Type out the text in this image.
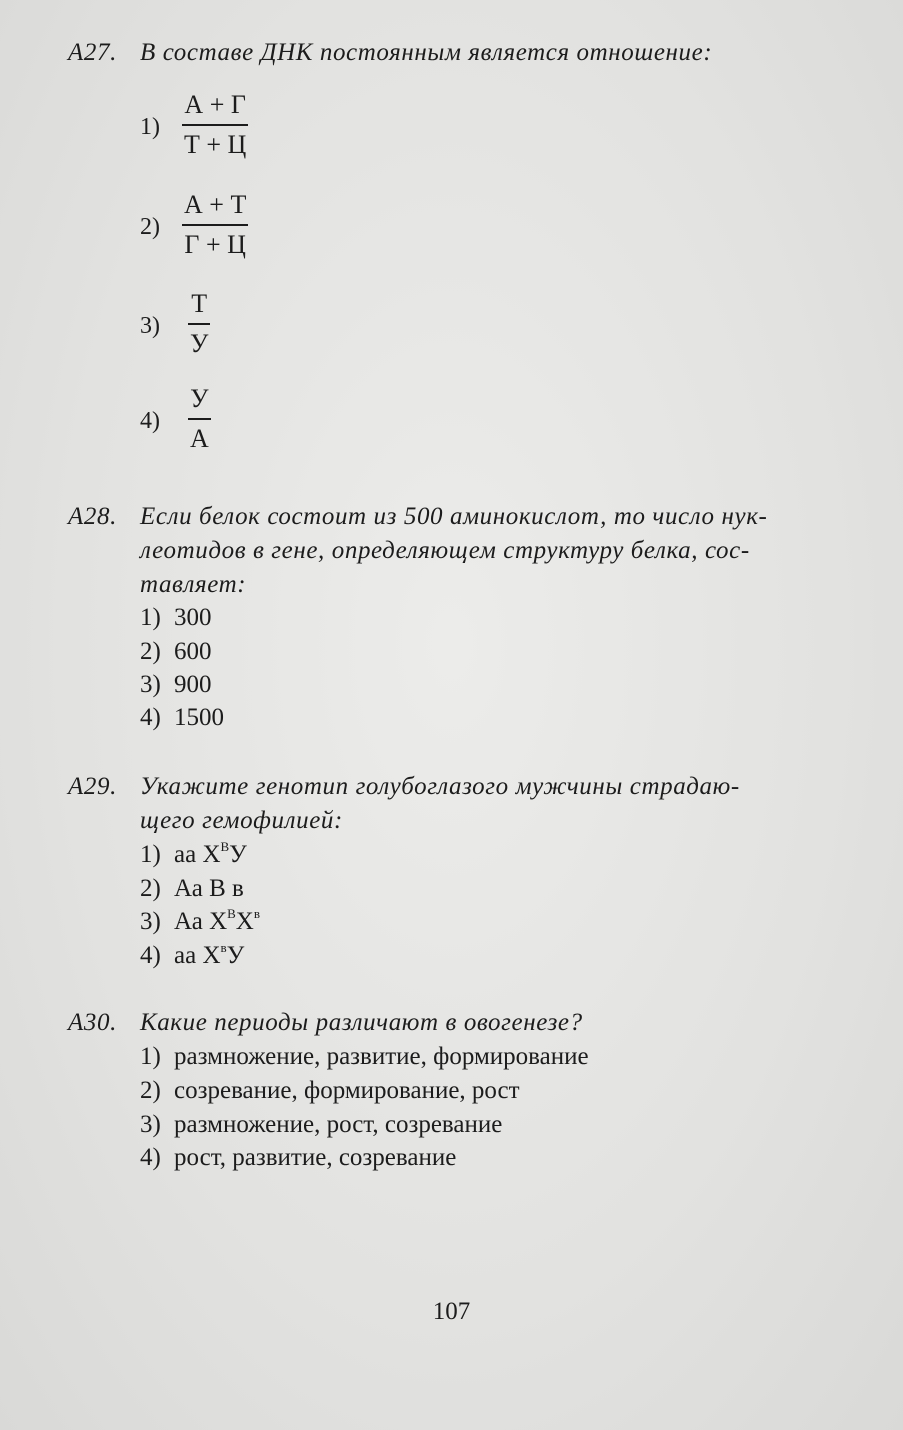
А27. В составе ДНК постоянным является отношение:
1)
А + Г
Т + Ц
2)
А + Т
Г + Ц
3)
Т
У
4)
У
А
А28. Если белок состоит из 500 аминокислот, то число нук-
леотидов в гене, определяющем структуру белка, сос-
тавляет:
1) 300
2) 600
3) 900
4) 1500
А29. Укажите генотип голубоглазого мужчины страдаю-
щего гемофилией:
1) аа $X^ВУ$
2) Аа В в
3) Аа $X^ВX^в$
4) аа $X^вУ$
А30. Какие периоды различают в овогенезе?
1) размножение, развитие, формирование
2) созревание, формирование, рост
3) размножение, рост, созревание
4) рост, развитие, созревание
107
